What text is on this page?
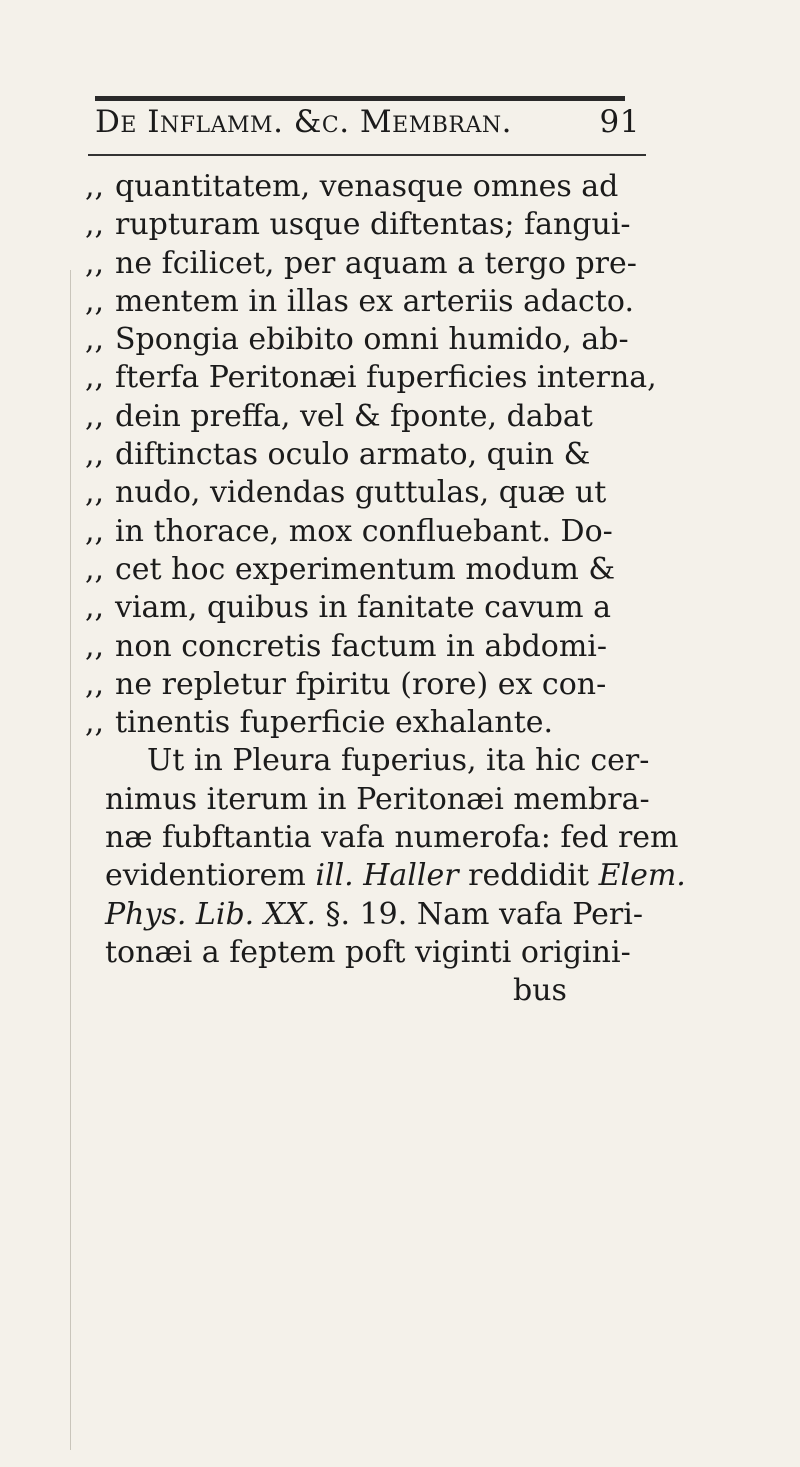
De Inflamm. &c. Membran.	91
,, quantitatem, venasque omnes ad
,, rupturam usque diftentas; fangui-
,, ne fcilicet, per aquam a tergo pre-
,, mentem in illas ex arteriis adacto.
,, Spongia ebibito omni humido, ab-
,, fterfa Peritonæi fuperficies interna,
,, dein preffa, vel & fponte, dabat
,, diftinctas oculo armato, quin &
,, nudo, videndas guttulas, quæ ut
,, in thorace, mox confluebant. Do-
,, cet hoc experimentum modum &
,, viam, quibus in fanitate cavum a
,, non concretis factum in abdomi-
,, ne repletur fpiritu (rore) ex con-
,, tinentis fuperficie exhalante.
Ut in Pleura fuperius, ita hic cer-
nimus iterum in Peritonæi membra-
næ fubftantia vafa numerofa: fed rem
evidentiorem ill. Haller reddidit Elem.
Phys. Lib. XX. §. 19. Nam vafa Peri-
tonæi a feptem poft viginti origini-
bus
